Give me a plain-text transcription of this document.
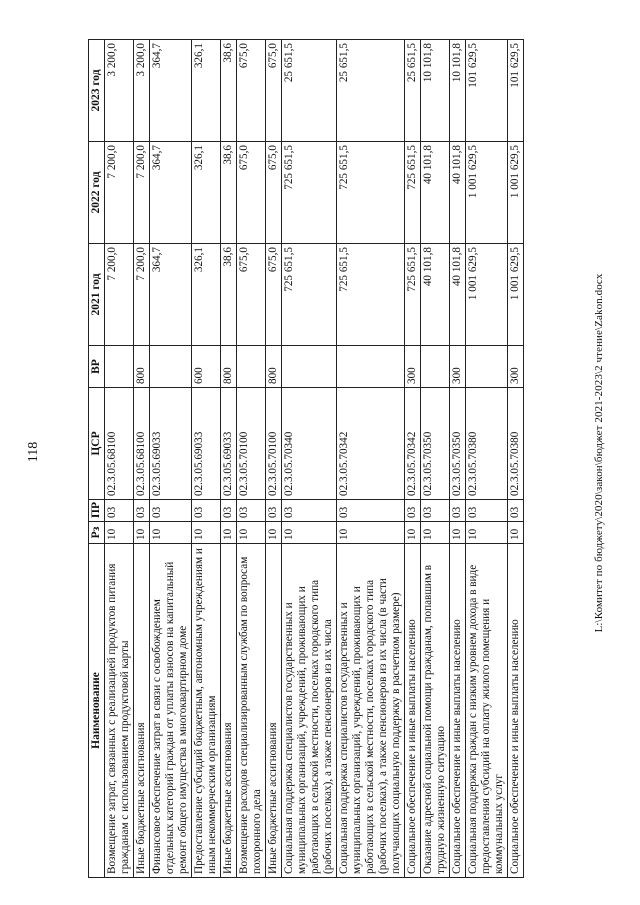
118
Наименование	Рз	ПР	ЦСР	ВР	2021 год	2022 год	2023 год
Возмещение затрат, связанных с реализацией продуктов питания гражданам с использованием продуктовой карты	10	03	02.3.05.68100		7 200,0	7 200,0	3 200,0
Иные бюджетные ассигнования	10	03	02.3.05.68100	800	7 200,0	7 200,0	3 200,0
Финансовое обеспечение затрат в связи с освобождением отдельных категорий граждан от уплаты взносов на капитальный ремонт общего имущества в многоквартирном доме	10	03	02.3.05.69033		364,7	364,7	364,7
Предоставление субсидий бюджетным, автономным учреждениям и иным некоммерческим организациям	10	03	02.3.05.69033	600	326,1	326,1	326,1
Иные бюджетные ассигнования	10	03	02.3.05.69033	800	38,6	38,6	38,6
Возмещение расходов специализированным службам по вопросам похоронного дела	10	03	02.3.05.70100		675,0	675,0	675,0
Иные бюджетные ассигнования	10	03	02.3.05.70100	800	675,0	675,0	675,0
Социальная поддержка специалистов государственных и муниципальных организаций, учреждений, проживающих и работающих в сельской местности, поселках городского типа (рабочих поселках), а также пенсионеров из их числа	10	03	02.3.05.70340		725 651,5	725 651,5	25 651,5
Социальная поддержка специалистов государственных и муниципальных организаций, учреждений, проживающих и работающих в сельской местности, поселках городского типа (рабочих поселках), а также пенсионеров из их числа (в части получающих социальную поддержку в расчетном размере)	10	03	02.3.05.70342		725 651,5	725 651,5	25 651,5
Социальное обеспечение и иные выплаты населению	10	03	02.3.05.70342	300	725 651,5	725 651,5	25 651,5
Оказание адресной социальной помощи гражданам, попавшим в трудную жизненную ситуацию	10	03	02.3.05.70350		40 101,8	40 101,8	10 101,8
Социальное обеспечение и иные выплаты населению	10	03	02.3.05.70350	300	40 101,8	40 101,8	10 101,8
Социальная поддержка граждан с низким уровнем дохода в виде предоставления субсидий на оплату жилого помещения и коммунальных услуг	10	03	02.3.05.70380		1 001 629,5	1 001 629,5	101 629,5
Социальное обеспечение и иные выплаты населению	10	03	02.3.05.70380	300	1 001 629,5	1 001 629,5	101 629,5
L:\Комитет по бюджету\2020\закон\бюджет 2021-2023\2 чтение\Zakon.docx
